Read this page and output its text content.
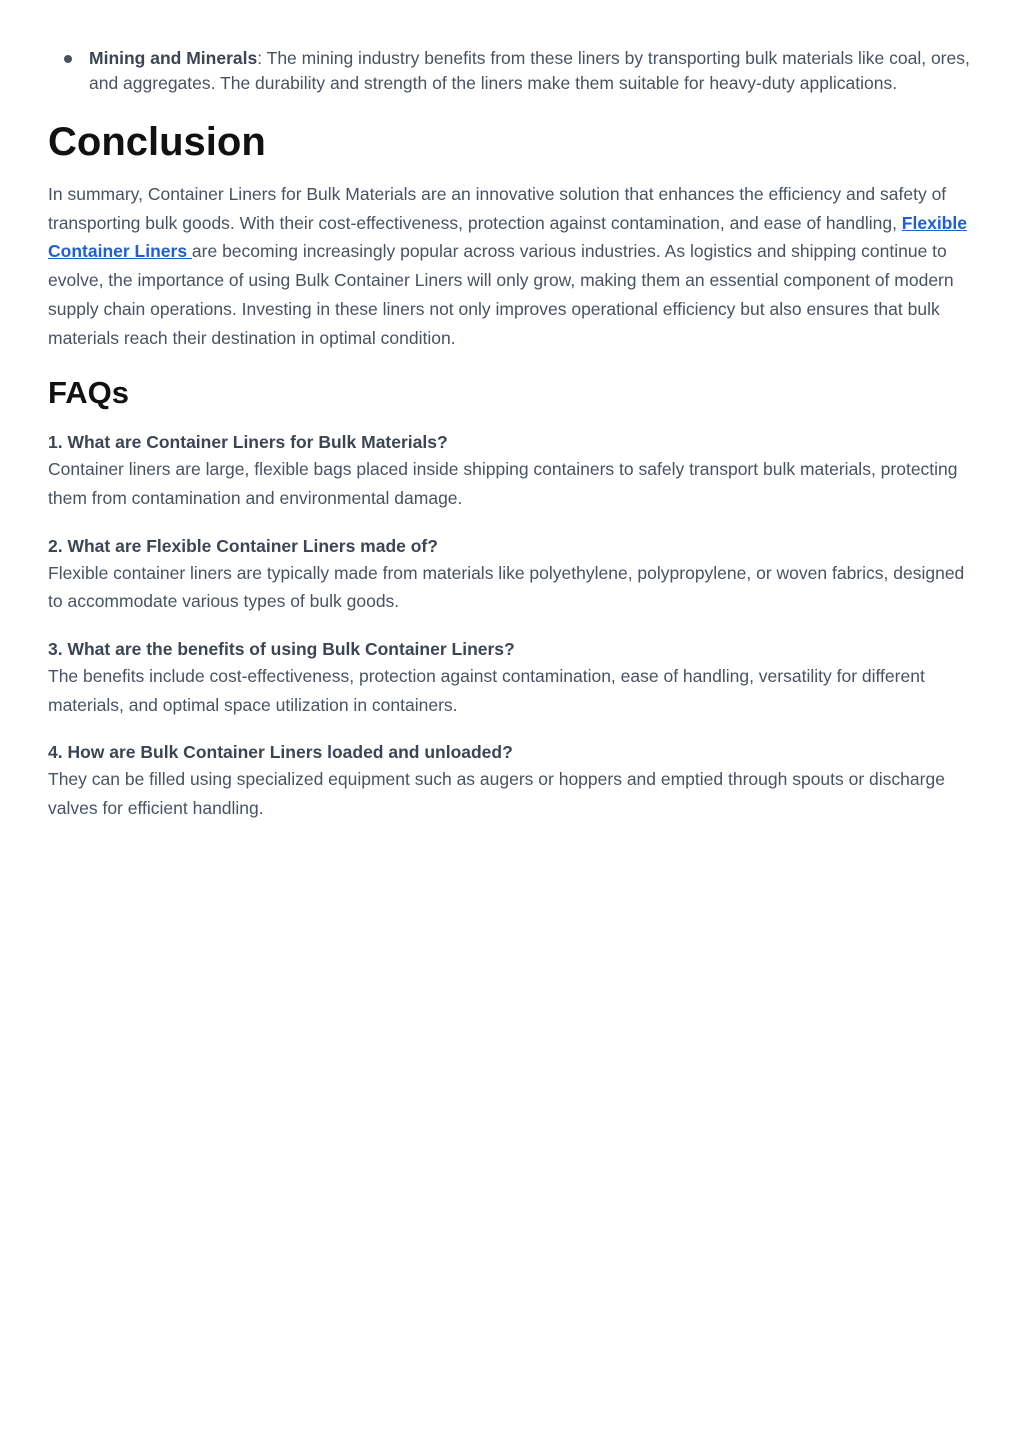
Mining and Minerals: The mining industry benefits from these liners by transporting bulk materials like coal, ores, and aggregates. The durability and strength of the liners make them suitable for heavy-duty applications.
Conclusion

In summary, Container Liners for Bulk Materials are an innovative solution that enhances the efficiency and safety of transporting bulk goods. With their cost-effectiveness, protection against contamination, and ease of handling, Flexible Container Liners are becoming increasingly popular across various industries. As logistics and shipping continue to evolve, the importance of using Bulk Container Liners will only grow, making them an essential component of modern supply chain operations. Investing in these liners not only improves operational efficiency but also ensures that bulk materials reach their destination in optimal condition.

FAQs
1. What are Container Liners for Bulk Materials?
Container liners are large, flexible bags placed inside shipping containers to safely transport bulk materials, protecting them from contamination and environmental damage.
2. What are Flexible Container Liners made of?
Flexible container liners are typically made from materials like polyethylene, polypropylene, or woven fabrics, designed to accommodate various types of bulk goods.
3. What are the benefits of using Bulk Container Liners?
The benefits include cost-effectiveness, protection against contamination, ease of handling, versatility for different materials, and optimal space utilization in containers.
4. How are Bulk Container Liners loaded and unloaded?
They can be filled using specialized equipment such as augers or hoppers and emptied through spouts or discharge valves for efficient handling.
